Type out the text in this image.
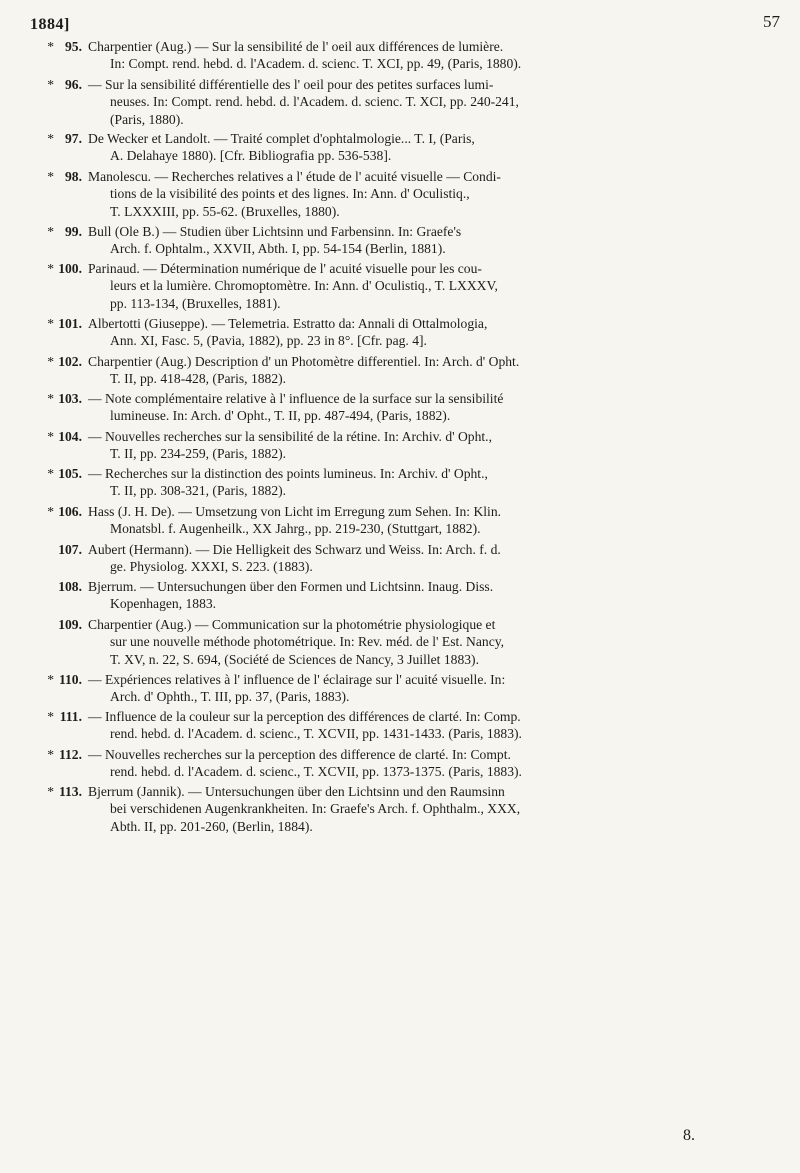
1884]	57
* 95. Charpentier (Aug.) — Sur la sensibilité de l' oeil aux différences de lumière.

In: Compt. rend. hebd. d. l'Academ. d. scienc. T. XCI, pp. 49, (Paris, 1880).

* 96. — Sur la sensibilité différentielle des l' oeil pour des petites surfaces lumi-

neuses. In: Compt. rend. hebd. d. l'Academ. d. scienc. T. XCI, pp. 240-241,

(Paris, 1880).

* 97. De Wecker et Landolt. — Traité complet d'ophtalmologie... T. I, (Paris,

A. Delahaye 1880). [Cfr. Bibliografia pp. 536-538].

* 98. Manolescu. — Recherches relatives a l' étude de l' acuité visuelle — Condi-

tions de la visibilité des points et des lignes. In: Ann. d' Oculistiq.,

T. LXXXIII, pp. 55-62. (Bruxelles, 1880).

* 99. Bull (Ole B.) — Studien über Lichtsinn und Farbensinn. In: Graefe's

Arch. f. Ophtalm., XXVII, Abth. I, pp. 54-154 (Berlin, 1881).

* 100. Parinaud. — Détermination numérique de l' acuité visuelle pour les cou-

leurs et la lumière. Chromoptomètre. In: Ann. d' Oculistiq., T. LXXXV,

pp. 113-134, (Bruxelles, 1881).

* 101. Albertotti (Giuseppe). — Telemetria. Estratto da: Annali di Ottalmologia,

Ann. XI, Fasc. 5, (Pavia, 1882), pp. 23 in 8°. [Cfr. pag. 4].

* 102. Charpentier (Aug.) Description d' un Photomètre differentiel. In: Arch. d' Opht.

T. II, pp. 418-428, (Paris, 1882).

* 103. — Note complémentaire relative à l' influence de la surface sur la sensibilité

lumineuse. In: Arch. d' Opht., T. II, pp. 487-494, (Paris, 1882).

* 104. — Nouvelles recherches sur la sensibilité de la rétine. In: Archiv. d' Opht.,

T. II, pp. 234-259, (Paris, 1882).

* 105. — Recherches sur la distinction des points lumineus. In: Archiv. d' Opht.,

T. II, pp. 308-321, (Paris, 1882).

* 106. Hass (J. H. De). — Umsetzung von Licht im Erregung zum Sehen. In: Klin.

Monatsbl. f. Augenheilk., XX Jahrg., pp. 219-230, (Stuttgart, 1882).

107. Aubert (Hermann). — Die Helligkeit des Schwarz und Weiss. In: Arch. f. d.

ge. Physiolog. XXXI, S. 223. (1883).

108. Bjerrum. — Untersuchungen über den Formen und Lichtsinn. Inaug. Diss.

Kopenhagen, 1883.

109. Charpentier (Aug.) — Communication sur la photométrie physiologique et

sur une nouvelle méthode photométrique. In: Rev. méd. de l' Est. Nancy,

T. XV, n. 22, S. 694, (Société de Sciences de Nancy, 3 Juillet 1883).

* 110. — Expériences relatives à l' influence de l' éclairage sur l' acuité visuelle. In:

Arch. d' Ophth., T. III, pp. 37, (Paris, 1883).

* 111. — Influence de la couleur sur la perception des différences de clarté. In: Comp.

rend. hebd. d. l'Academ. d. scienc., T. XCVII, pp. 1431-1433. (Paris, 1883).

* 112. — Nouvelles recherches sur la perception des difference de clarté. In: Compt.

rend. hebd. d. l'Academ. d. scienc., T. XCVII, pp. 1373-1375. (Paris, 1883).

* 113. Bjerrum (Jannik). — Untersuchungen über den Lichtsinn und den Raumsinn

bei verschidenen Augenkrankheiten. In: Graefe's Arch. f. Ophthalm., XXX,

Abth. II, pp. 201-260, (Berlin, 1884).

8.
